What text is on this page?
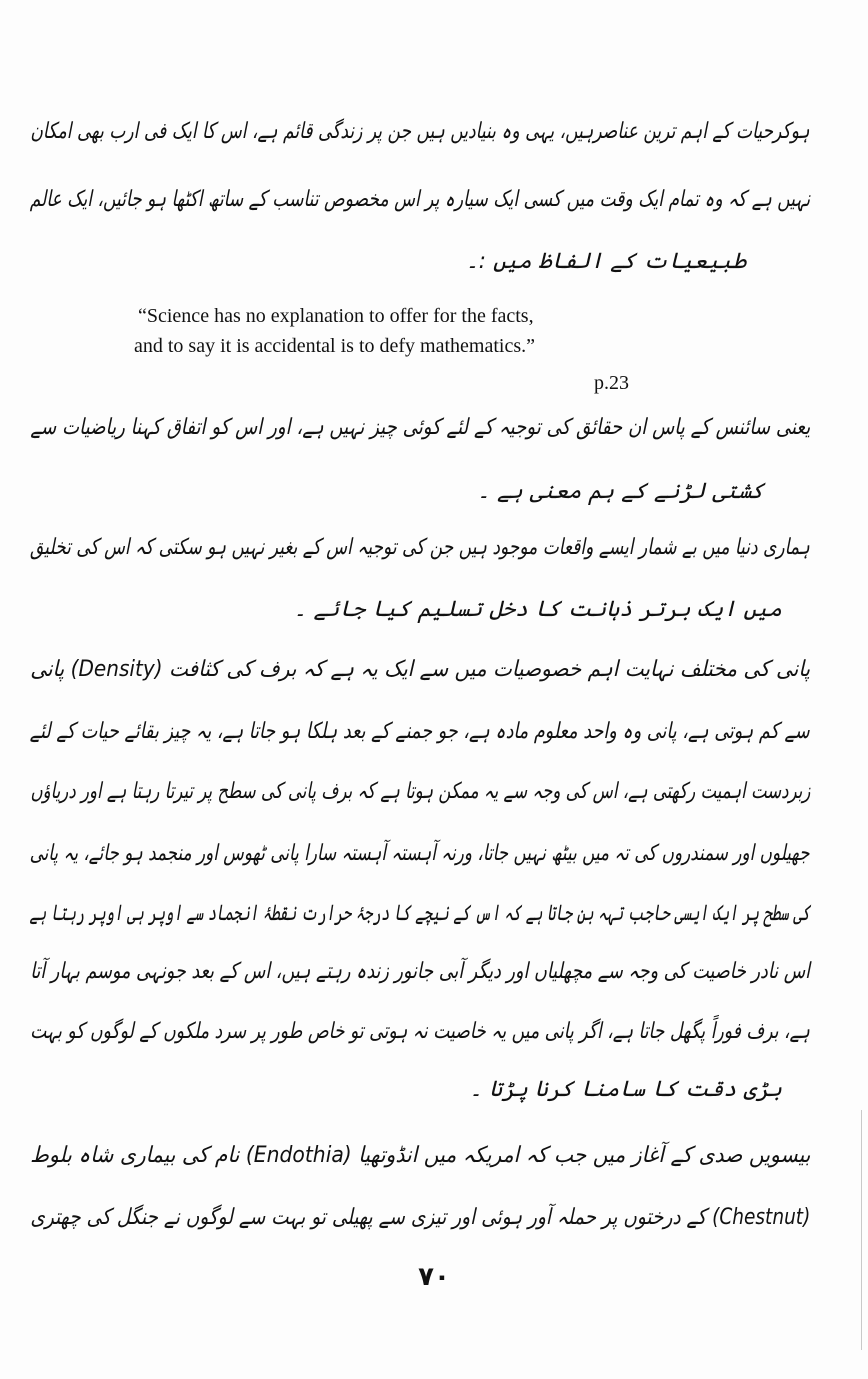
ہوکرحیات کے اہم ترین عناصرہیں، یہی وہ بنیادیں ہیں جن پر زندگی قائم ہے، اس کا ایک فی ارب بھی امکان
نہیں ہے کہ وہ تمام ایک وقت میں کسی ایک سیارہ پر اس مخصوص تناسب کے ساتھ اکٹھا ہو جائیں، ایک عالم
طبیعیات کے الفاظ میں :۔
“Science has no explanation to offer for the facts,
and to say it is accidental is to defy mathematics.”
p.23
یعنی سائنس کے پاس ان حقائق کی توجیہ کے لئے کوئی چیز نہیں ہے، اور اس کو اتفاق کہنا ریاضیات سے
کشتی لڑنے کے ہم معنی ہے ۔
ہماری دنیا میں بے شمار ایسے واقعات موجود ہیں جن کی توجیہ اس کے بغیر نہیں ہو سکتی کہ اس کی تخلیق
میں ایک برتر ذہانت کا دخل تسلیم کیا جائے ۔
پانی کی مختلف نہایت اہم خصوصیات میں سے ایک یہ ہے کہ برف کی کثافت (Density) پانی
سے کم ہوتی ہے، پانی وہ واحد معلوم مادہ ہے، جو جمنے کے بعد ہلکا ہو جاتا ہے، یہ چیز بقائے حیات کے لئے
زبردست اہمیت رکھتی ہے، اس کی وجہ سے یہ ممکن ہوتا ہے کہ برف پانی کی سطح پر تیرتا رہتا ہے اور دریاؤں
جھیلوں اور سمندروں کی تہ میں بیٹھ نہیں جاتا، ورنہ آہستہ آہستہ سارا پانی ٹھوس اور منجمد ہو جائے، یہ پانی
کی سطح پر ایک ایسی حاجب تہہ بن جاتا ہے کہ اس کے نیچے کا درجۂ حرارت نقطۂ انجماد سے اوپر ہی اوپر رہتا ہے
اس نادر خاصیت کی وجہ سے مچھلیاں اور دیگر آبی جانور زندہ رہتے ہیں، اس کے بعد جونہی موسم بہار آتا
ہے، برف فوراً پگھل جاتا ہے، اگر پانی میں یہ خاصیت نہ ہوتی تو خاص طور پر سرد ملکوں کے لوگوں کو بہت
بڑی دقت کا سامنا کرنا پڑتا ۔
بیسویں صدی کے آغاز میں جب کہ امریکہ میں انڈوتھیا (Endothia) نام کی بیماری شاہ بلوط
(Chestnut) کے درختوں پر حملہ آور ہوئی اور تیزی سے پھیلی تو بہت سے لوگوں نے جنگل کی چھتری
۷۰
